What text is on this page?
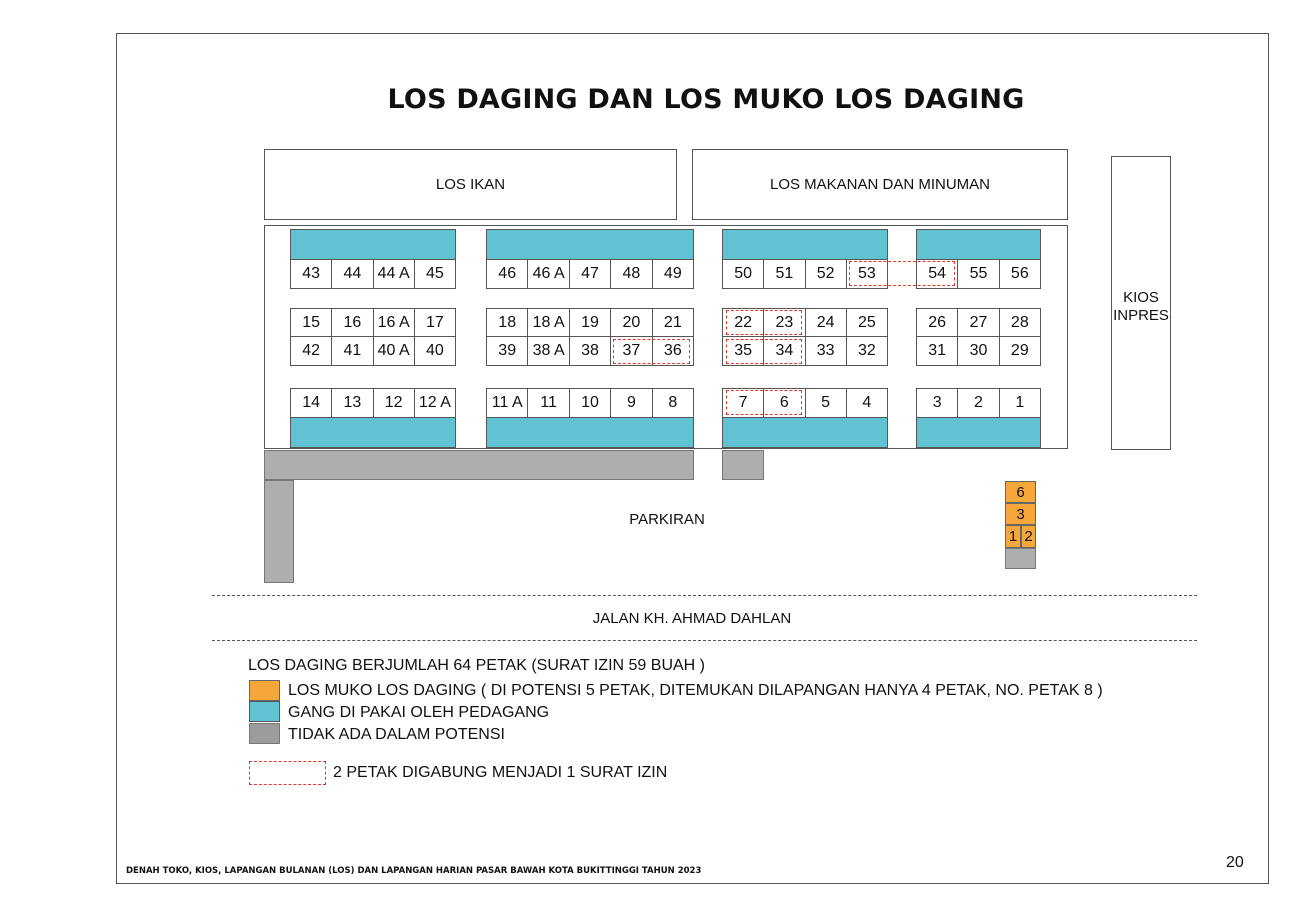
LOS DAGING DAN LOS MUKO LOS DAGING
LOS IKAN	LOS MAKANAN DAN MINUMAN
KIOS
INPRES
43	44	44 A	45	46	46 A	47	48	49	50	51	52	53	54	55	56
15	16	16 A	17	18	18 A	19	20	21	22	23	24	25	26	27	28
42	41	40 A	40	39	38 A	38	37	36	35	34	33	32	31	30	29
14	13	12	12 A	11 A	11	10	9	8	7	6	5	4	3	2	1
PARKIRAN
6
3
1 2
JALAN KH. AHMAD DAHLAN
LOS DAGING BERJUMLAH 64 PETAK (SURAT IZIN 59 BUAH )
LOS MUKO LOS DAGING ( DI POTENSI 5 PETAK, DITEMUKAN DILAPANGAN HANYA 4 PETAK, NO. PETAK 8 )
GANG DI PAKAI OLEH PEDAGANG
TIDAK ADA DALAM POTENSI
2 PETAK DIGABUNG MENJADI 1 SURAT IZIN
DENAH TOKO, KIOS, LAPANGAN BULANAN (LOS) DAN LAPANGAN HARIAN PASAR BAWAH KOTA BUKITTINGGI TAHUN 2023	20
